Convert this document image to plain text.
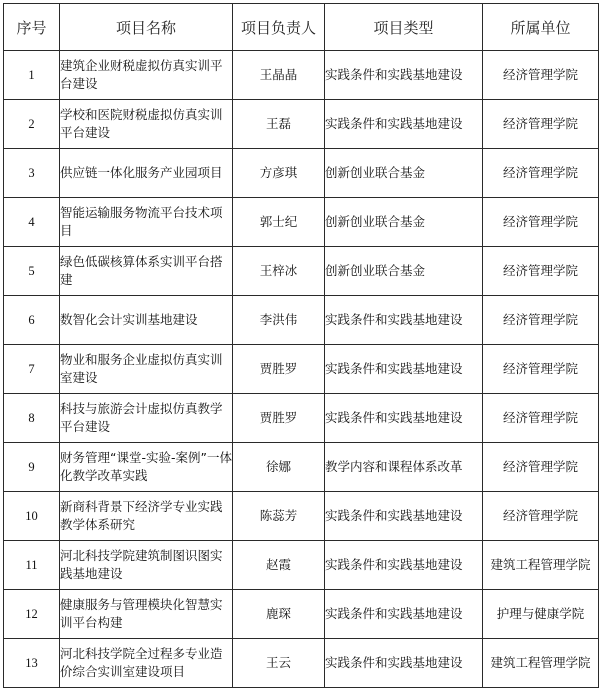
序号	项目名称	项目负责人	项目类型	所属单位
1	建筑企业财税虚拟仿真实训平台建设	王晶晶	实践条件和实践基地建设	经济管理学院
2	学校和医院财税虚拟仿真实训平台建设	王磊	实践条件和实践基地建设	经济管理学院
3	供应链一体化服务产业园项目	方彦琪	创新创业联合基金	经济管理学院
4	智能运输服务物流平台技术项目	郭士纪	创新创业联合基金	经济管理学院
5	绿色低碳核算体系实训平台搭建	王梓冰	创新创业联合基金	经济管理学院
6	数智化会计实训基地建设	李洪伟	实践条件和实践基地建设	经济管理学院
7	物业和服务企业虚拟仿真实训室建设	贾胜罗	实践条件和实践基地建设	经济管理学院
8	科技与旅游会计虚拟仿真教学平台建设	贾胜罗	实践条件和实践基地建设	经济管理学院
9	财务管理“课堂-实验-案例”一体化教学改革实践	徐娜	教学内容和课程体系改革	经济管理学院
10	新商科背景下经济学专业实践教学体系研究	陈蕊芳	实践条件和实践基地建设	经济管理学院
11	河北科技学院建筑制图识图实践基地建设	赵霞	实践条件和实践基地建设	建筑工程管理学院
12	健康服务与管理模块化智慧实训平台构建	鹿琛	实践条件和实践基地建设	护理与健康学院
13	河北科技学院全过程多专业造价综合实训室建设项目	王云	实践条件和实践基地建设	建筑工程管理学院
